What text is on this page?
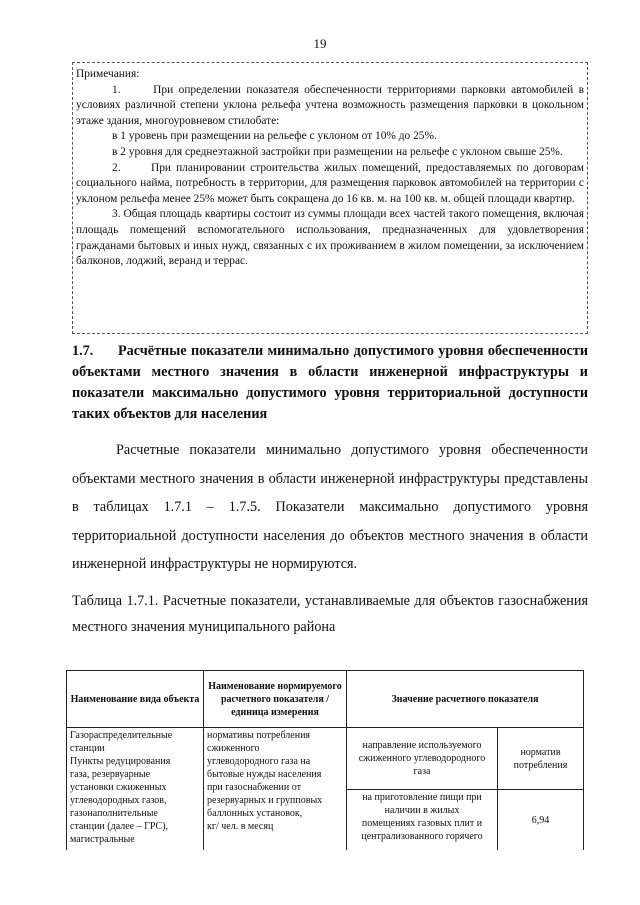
19

Примечания:

1.      При определении показателя обеспеченности территориями парковки автомобилей в условиях различной степени уклона рельефа учтена возможность размещения парковки в цокольном этаже здания, многоуровневом стилобате:

в 1 уровень при размещении на рельефе с уклоном от 10% до 25%.

в 2 уровня для среднеэтажной застройки при размещении на рельефе с уклоном свыше 25%.

2.      При планировании строительства жилых помещений, предоставляемых по договорам социального найма, потребность в территории, для размещения парковок автомобилей на территории с уклоном рельефа менее 25% может быть сокращена до 16 кв. м. на 100 кв. м. общей площади квартир.

3. Общая площадь квартиры состоит из суммы площади всех частей такого помещения, включая площадь помещений вспомогательного использования, предназначенных для удовлетворения гражданами бытовых и иных нужд, связанных с их проживанием в жилом помещении, за исключением балконов, лоджий, веранд и террас.

1.7. Расчётные показатели минимально допустимого уровня обеспеченности объектами местного значения в области инженерной инфраструктуры и показатели максимально допустимого уровня территориальной доступности таких объектов для населения

Расчетные показатели минимально допустимого уровня обеспеченности объектами местного значения в области инженерной инфраструктуры представлены в таблицах 1.7.1 – 1.7.5. Показатели максимально допустимого уровня территориальной доступности населения до объектов местного значения в области инженерной инфраструктуры не нормируются.

Таблица 1.7.1. Расчетные показатели, устанавливаемые для объектов газоснабжения местного значения муниципального района

Наименование вида объекта
Наименование нормируемого расчетного показателя / единица измерения
Значение расчетного показателя
Газораспределительные
станции
Пункты редуцирования
газа, резервуарные
установки сжиженных
углеводородных газов,
газонаполнительные
станции (далее – ГРС),
магистральные
нормативы потребления
сжиженного
углеводородного газа на
бытовые нужды населения
при газоснабжении от
резервуарных и групповых
баллонных установок,
кг/ чел. в месяц
направление используемого сжиженного углеводородного газа
норматив потребления
на приготовление пищи при
наличии в жилых
помещениях газовых плит и
централизованного горячего
6,94
